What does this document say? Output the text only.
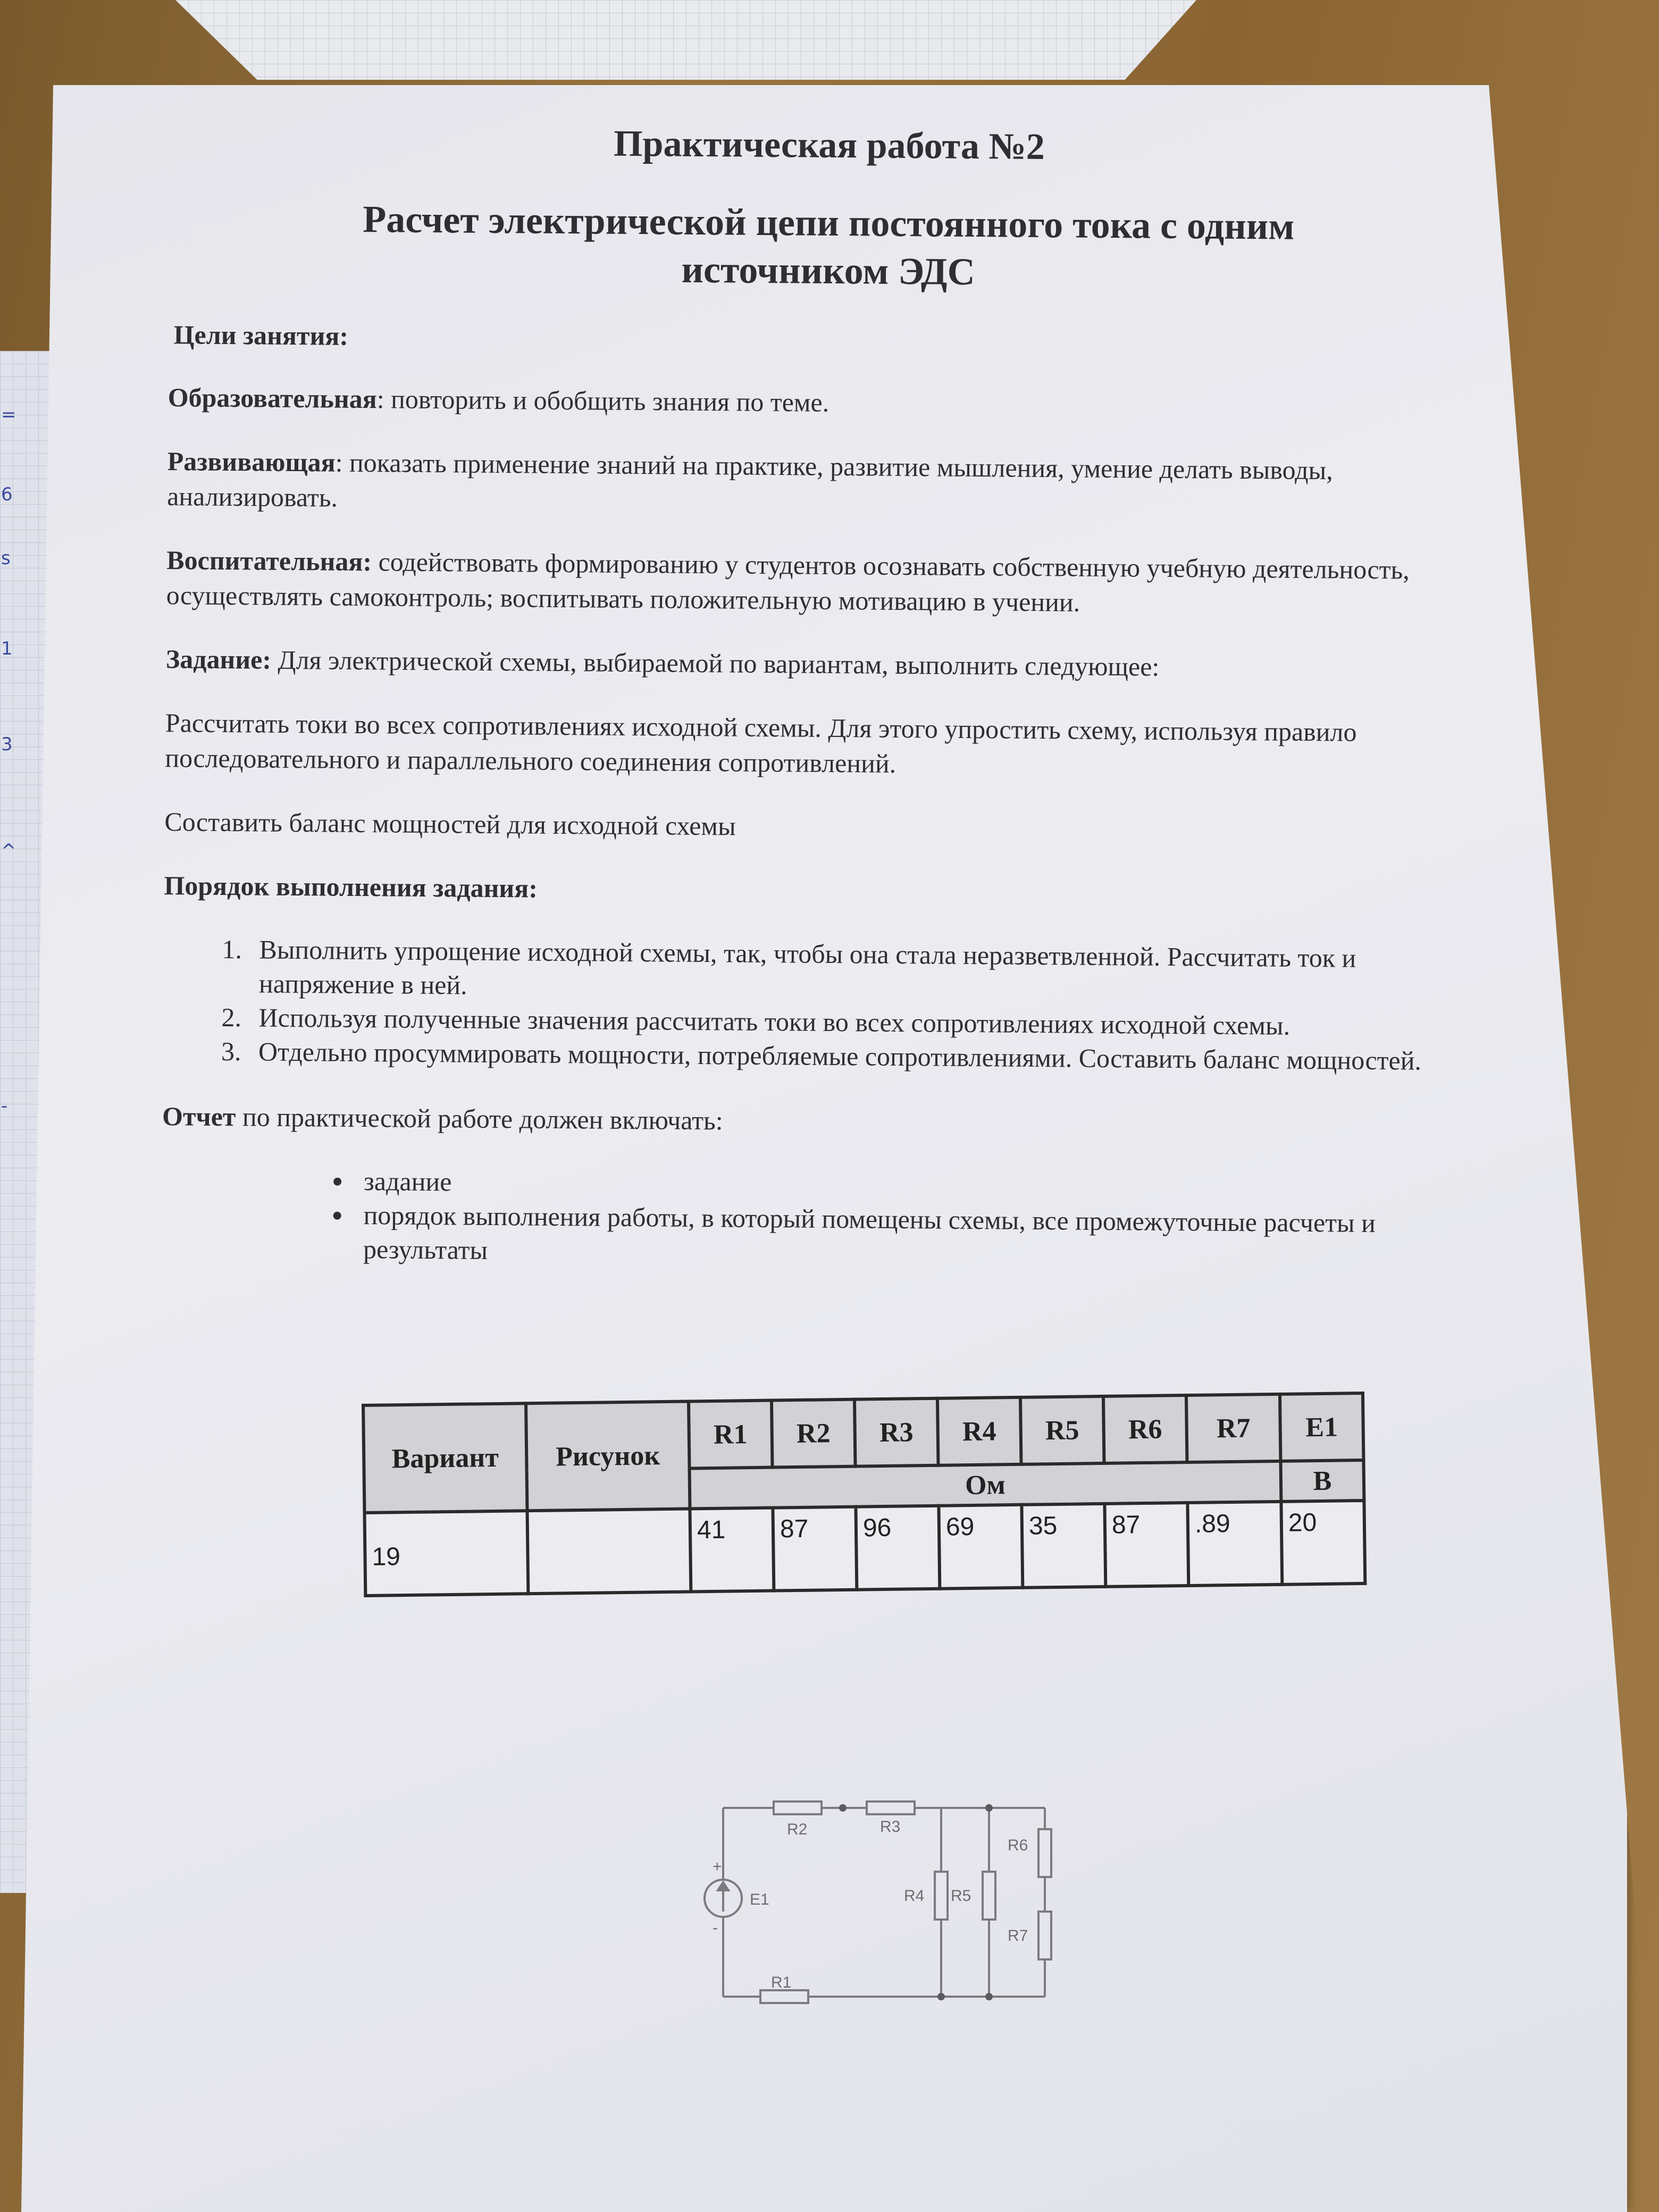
=
6
s
1
3
^
-
Практическая работа №2
Расчет электрической цепи постоянного тока с одним источником ЭДС
Цели занятия:
Образовательная: повторить и обобщить знания по теме.
Развивающая: показать применение знаний на практике, развитие мышления, умение делать выводы, анализировать.
Воспитательная: содействовать формированию у студентов осознавать собственную учебную деятельность, осуществлять самоконтроль; воспитывать положительную мотивацию в учении.
Задание: Для электрической схемы, выбираемой по вариантам, выполнить следующее:
Рассчитать токи во всех сопротивлениях исходной схемы. Для этого упростить схему, используя правило последовательного и параллельного соединения сопротивлений.
Составить баланс мощностей для исходной схемы
Порядок выполнения задания:
1. Выполнить упрощение исходной схемы, так, чтобы она стала неразветвленной. Рассчитать ток и напряжение в ней.
2. Используя полученные значения рассчитать токи во всех сопротивлениях исходной схемы.
3. Отдельно просуммировать мощности, потребляемые сопротивлениями. Составить баланс мощностей.
Отчет по практической работе должен включать:
• задание
• порядок выполнения работы, в который помещены схемы, все промежуточные расчеты и результаты
Вариант	Рисунок	R1	R2	R3	R4	R5	R6	R7	E1
		Ом							В
19		41	87	96	69	35	87	.89	20
R2	R3
R1
R4 R5
R6
R7
E1
+
-
